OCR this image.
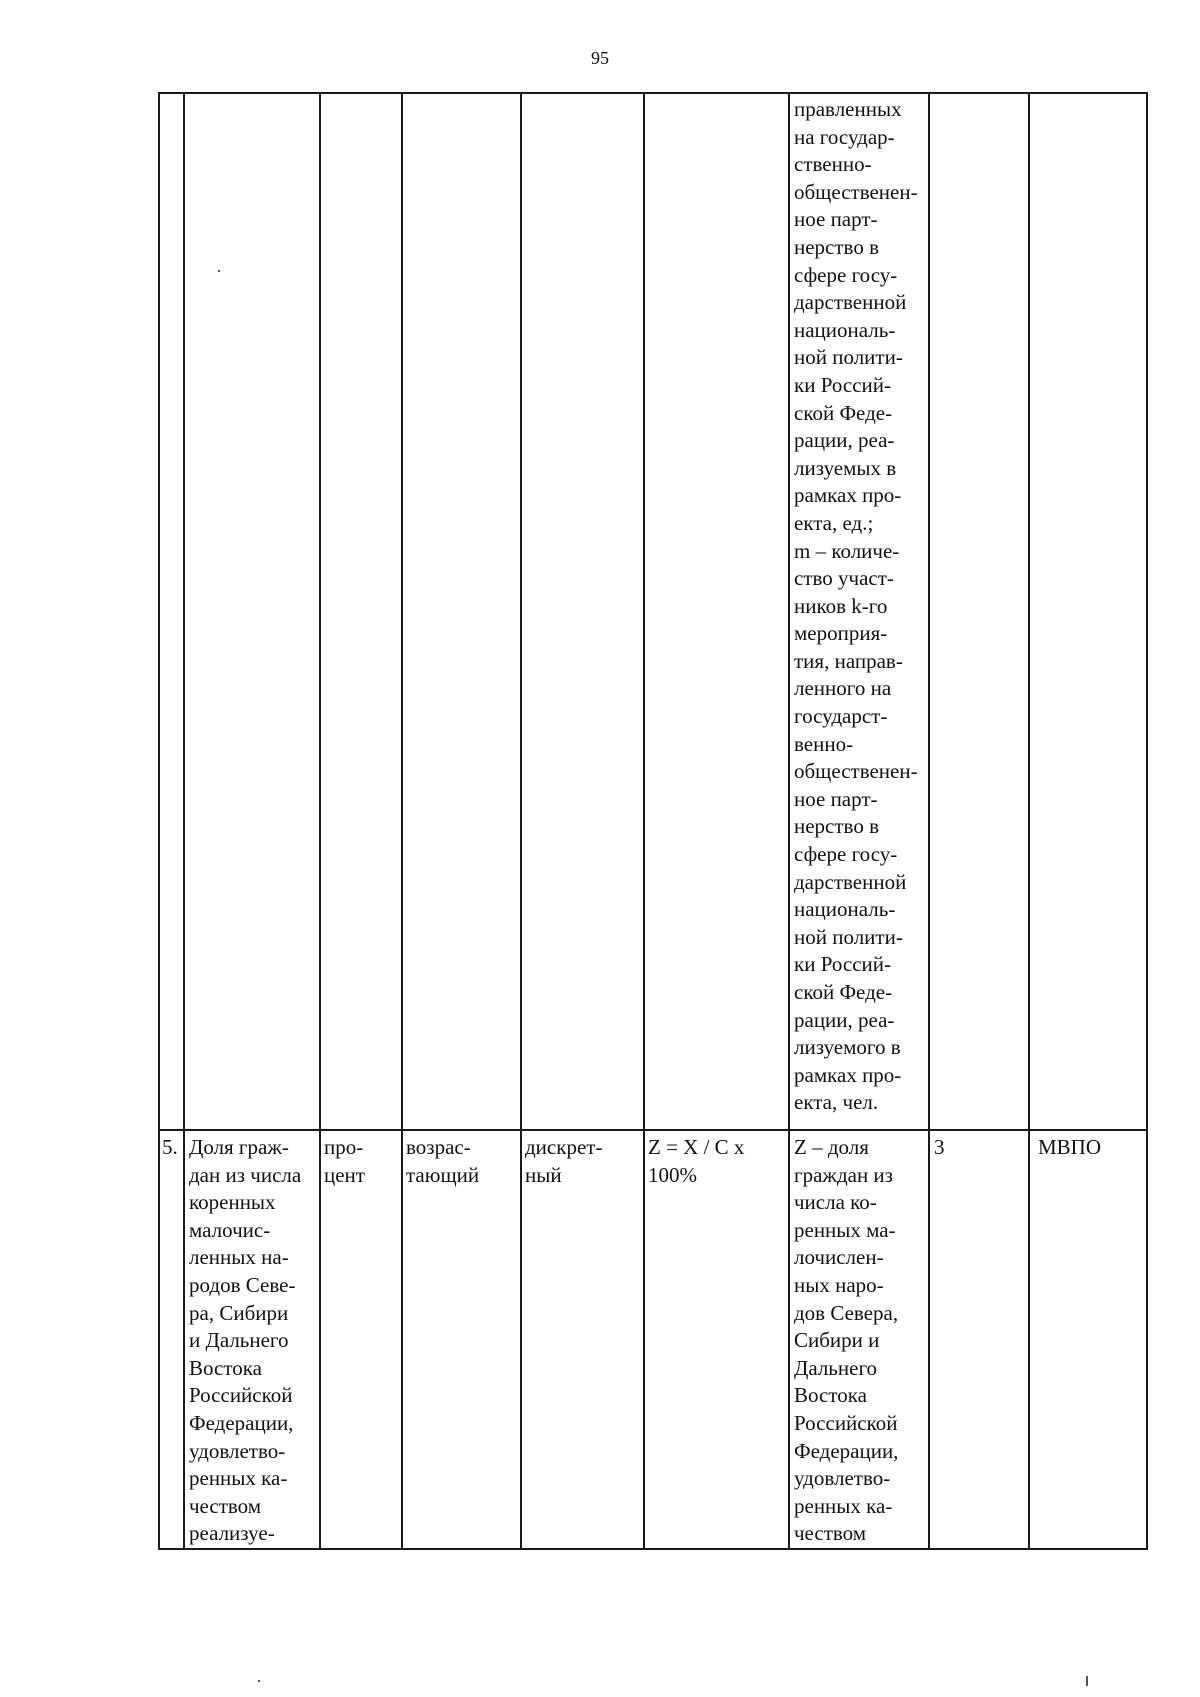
95
правленных
на государ-
ственно-
общественен-
ное парт-
нерство в
сфере госу-
дарственной
националь-
ной полити-
ки Россий-
ской Феде-
рации, реа-
лизуемых в
рамках про-
екта, ед.;
m – количе-
ство участ-
ников k-го
мероприя-
тия, направ-
ленного на
государст-
венно-
общественен-
ное парт-
нерство в
сфере госу-
дарственной
националь-
ной полити-
ки Россий-
ской Феде-
рации, реа-
лизуемого в
рамках про-
екта, чел.
5. Доля граж-
дан из числа
коренных
малочис-
ленных на-
родов Севе-
ра, Сибири
и Дальнего
Востока
Российской
Федерации,
удовлетво-
ренных ка-
чеством
реализуе-
про-
цент
возрас-
тающий
дискрет-
ный
Z = X / C x
100%
Z – доля
граждан из
числа ко-
ренных ма-
лочислен-
ных наро-
дов Севера,
Сибири и
Дальнего
Востока
Российской
Федерации,
удовлетво-
ренных ка-
чеством
3	МВПО
